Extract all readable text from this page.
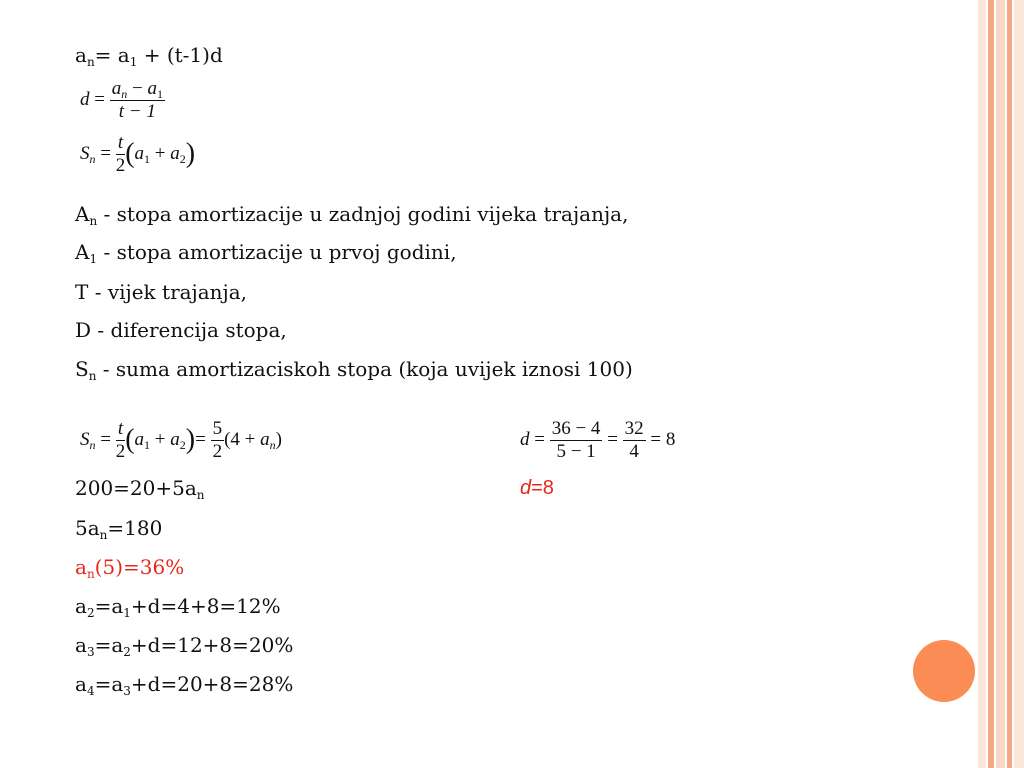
$a_n= a_1 + (t-1)d$
$d = \frac{a_n - a_1}{t - 1}$
$S_n = \frac{t}{2} (a_1 + a_2)$
$A_n$ - stopa amortizacije u zadnjoj godini vijeka trajanja,
$A_1$ - stopa amortizacije u prvoj godini,
T - vijek trajanja,
D - diferencija stopa,
$S_n$ - suma amortizaciskoh stopa (koja uvijek iznosi 100)
$S_n = \frac{t}{2} (a_1 + a_2)= \frac{5}{2} (4 + a_n)$	$d = \frac{36 - 4}{5 - 1} = \frac{32}{4} = 8$
d=8
$200=20+5a_n$
$5a_n=180$
$a_n(5)=36\%$
$a_2=a_1+d=4+8=12\%$
$a_3=a_2+d=12+8=20\%$
$a_4=a_3+d=20+8=28\%$
